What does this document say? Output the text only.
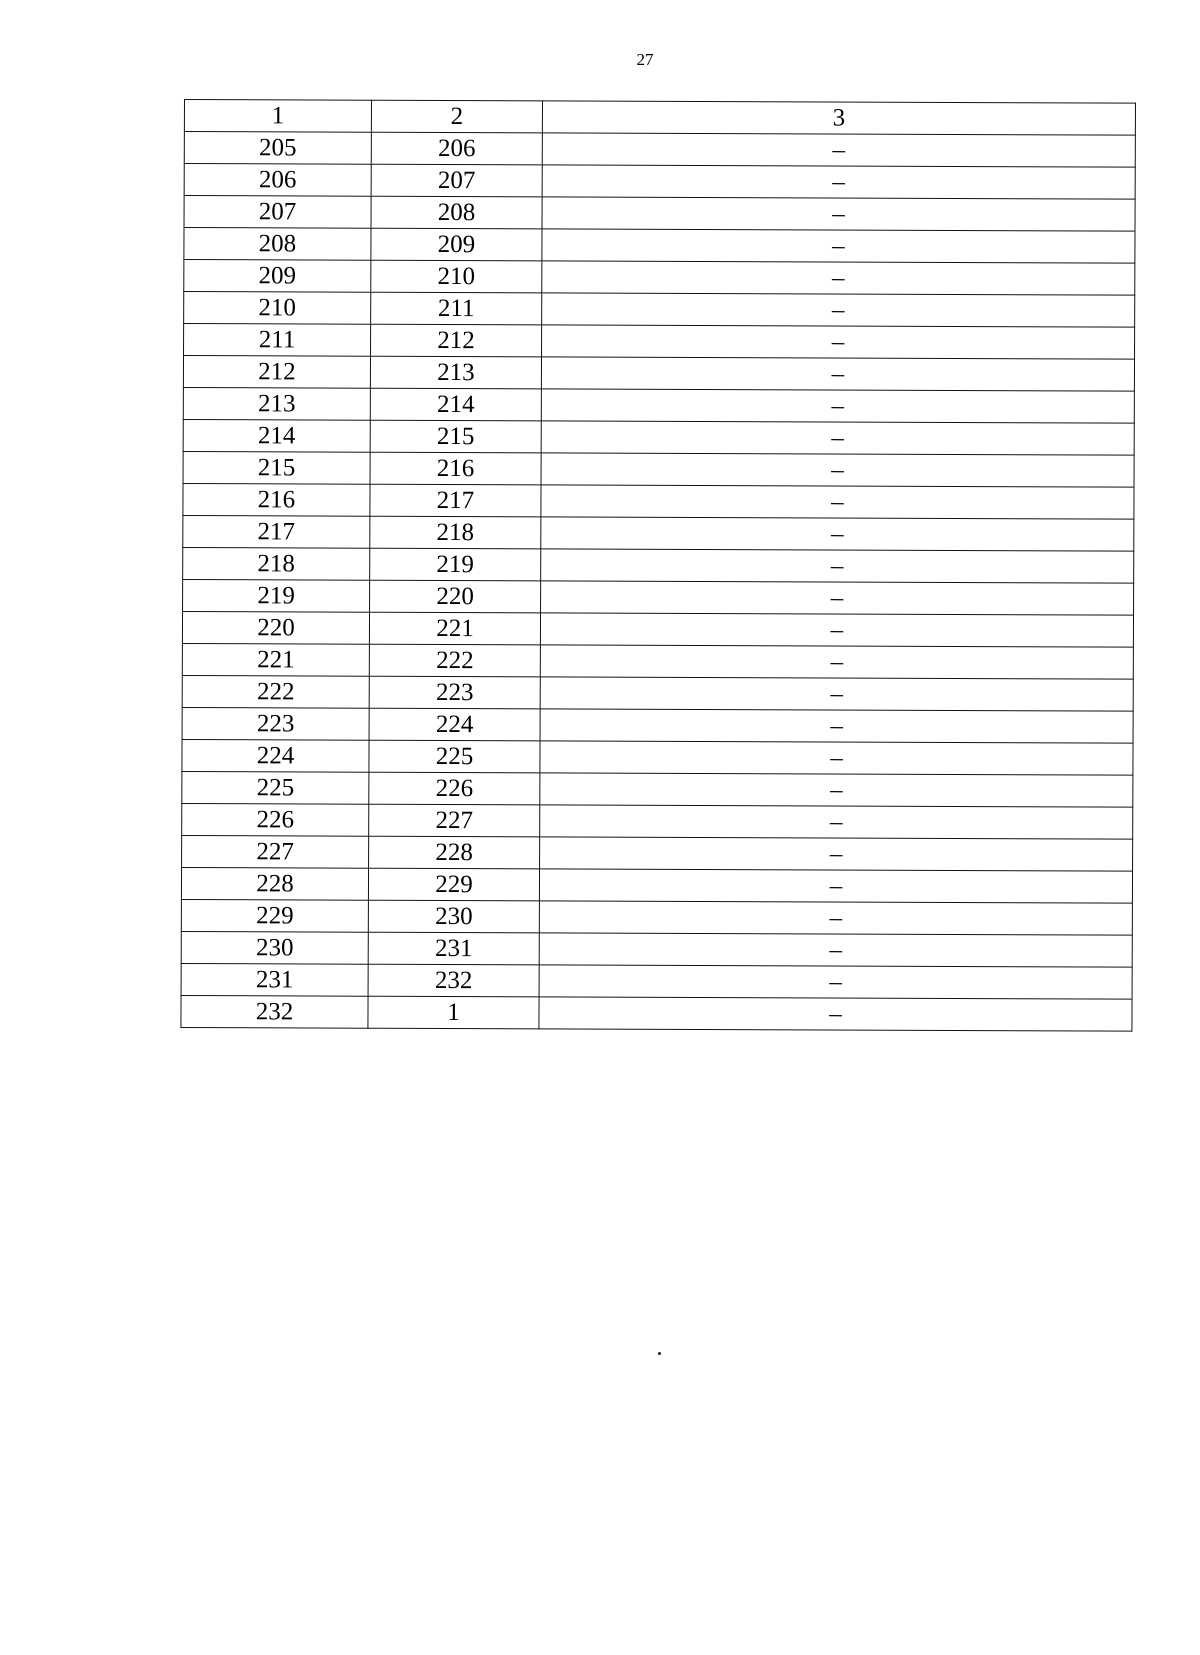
27
1	2	3
205	206	–
206	207	–
207	208	–
208	209	–
209	210	–
210	211	–
211	212	–
212	213	–
213	214	–
214	215	–
215	216	–
216	217	–
217	218	–
218	219	–
219	220	–
220	221	–
221	222	–
222	223	–
223	224	–
224	225	–
225	226	–
226	227	–
227	228	–
228	229	–
229	230	–
230	231	–
231	232	–
232	1	–
